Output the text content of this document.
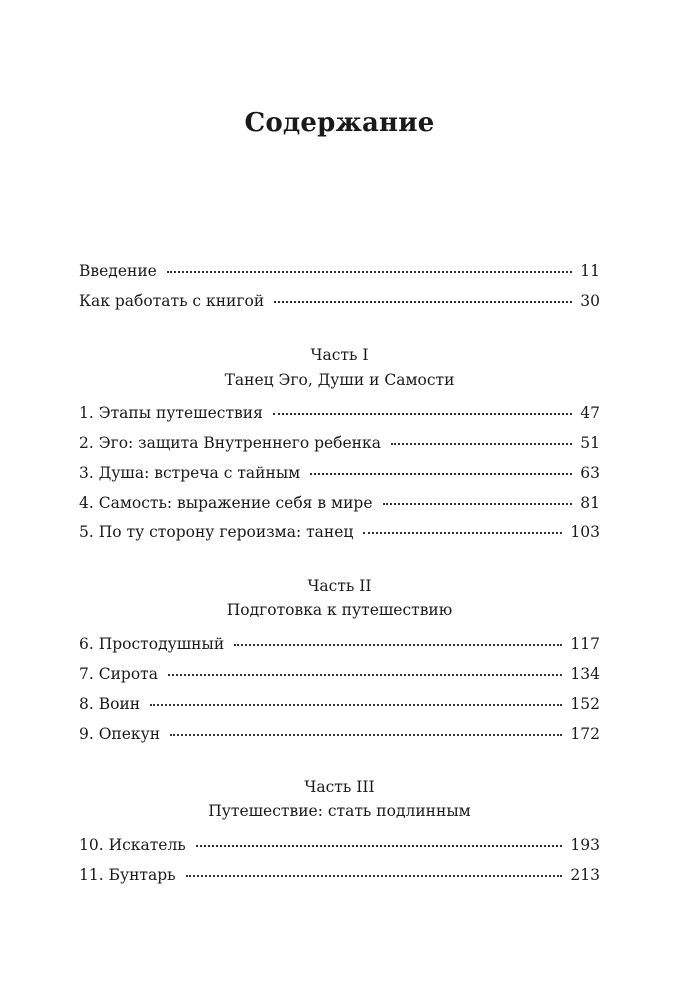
Содержание
Введение	11
Как работать с книгой	30
Часть I
Танец Эго, Души и Самости
1. Этапы путешествия	47
2. Эго: защита Внутреннего ребенка	51
3. Душа: встреча с тайным	63
4. Самость: выражение себя в мире	81
5. По ту сторону героизма: танец	103
Часть II
Подготовка к путешествию
6. Простодушный	117
7. Сирота	134
8. Воин	152
9. Опекун	172
Часть III
Путешествие: стать подлинным
10. Искатель	193
11. Бунтарь	213
